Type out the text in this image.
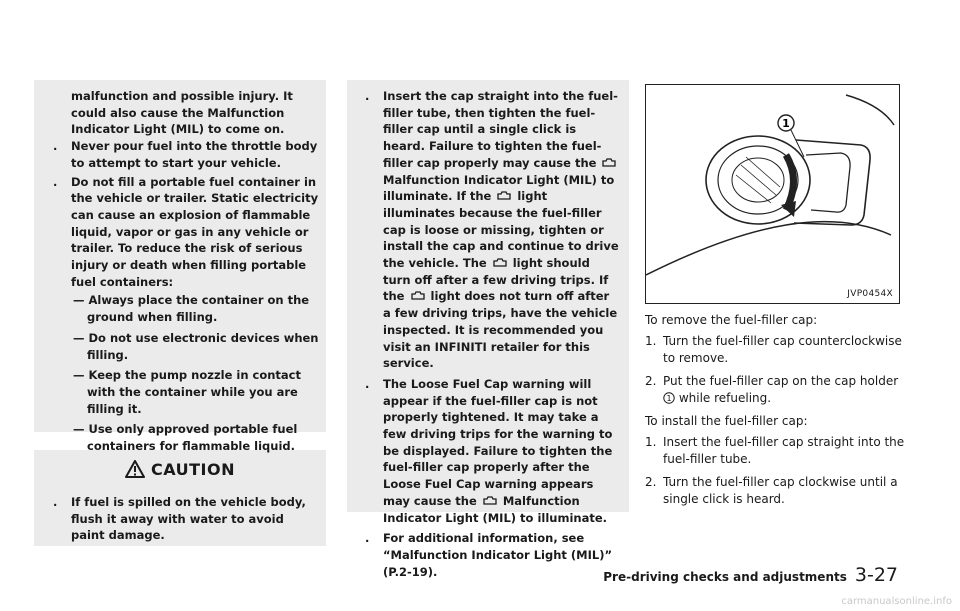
malfunction and possible injury. It could also cause the Malfunction Indicator Light (MIL) to come on.

. Never pour fuel into the throttle body to attempt to start your vehicle.
. Do not fill a portable fuel container in the vehicle or trailer. Static electricity can cause an explosion of flammable liquid, vapor or gas in any vehicle or trailer. To reduce the risk of serious injury or death when filling portable fuel containers:
— Always place the container on the ground when filling.
— Do not use electronic devices when filling.
— Keep the pump nozzle in contact with the container while you are filling it.
— Use only approved portable fuel containers for flammable liquid.
CAUTION
. If fuel is spilled on the vehicle body, flush it away with water to avoid paint damage.
. Insert the cap straight into the fuel-filler tube, then tighten the fuel-filler cap until a single click is heard. Failure to tighten the fuel-filler cap properly may cause the  Malfunction Indicator Light (MIL) to illuminate. If the light illuminates because the fuel-filler cap is loose or missing, tighten or install the cap and continue to drive the vehicle. The light should turn off after a few driving trips. If the light does not turn off after a few driving trips, have the vehicle inspected. It is recommended you visit an INFINITI retailer for this service.
. The Loose Fuel Cap warning will appear if the fuel-filler cap is not properly tightened. It may take a few driving trips for the warning to be displayed. Failure to tighten the fuel-filler cap properly after the Loose Fuel Cap warning appears may cause the Malfunction Indicator Light (MIL) to illuminate.
. For additional information, see “Malfunction Indicator Light (MIL)” (P.2-19).
1
JVP0454X

To remove the fuel-filler cap:

1. Turn the fuel-filler cap counterclockwise to remove.
2. Put the fuel-filler cap on the cap holder
1 while refueling.

To install the fuel-filler cap:

1. Insert the fuel-filler cap straight into the fuel-filler tube.
2. Turn the fuel-filler cap clockwise until a single click is heard.
Pre-driving checks and adjustments 3-27
carmanualsonline.info
